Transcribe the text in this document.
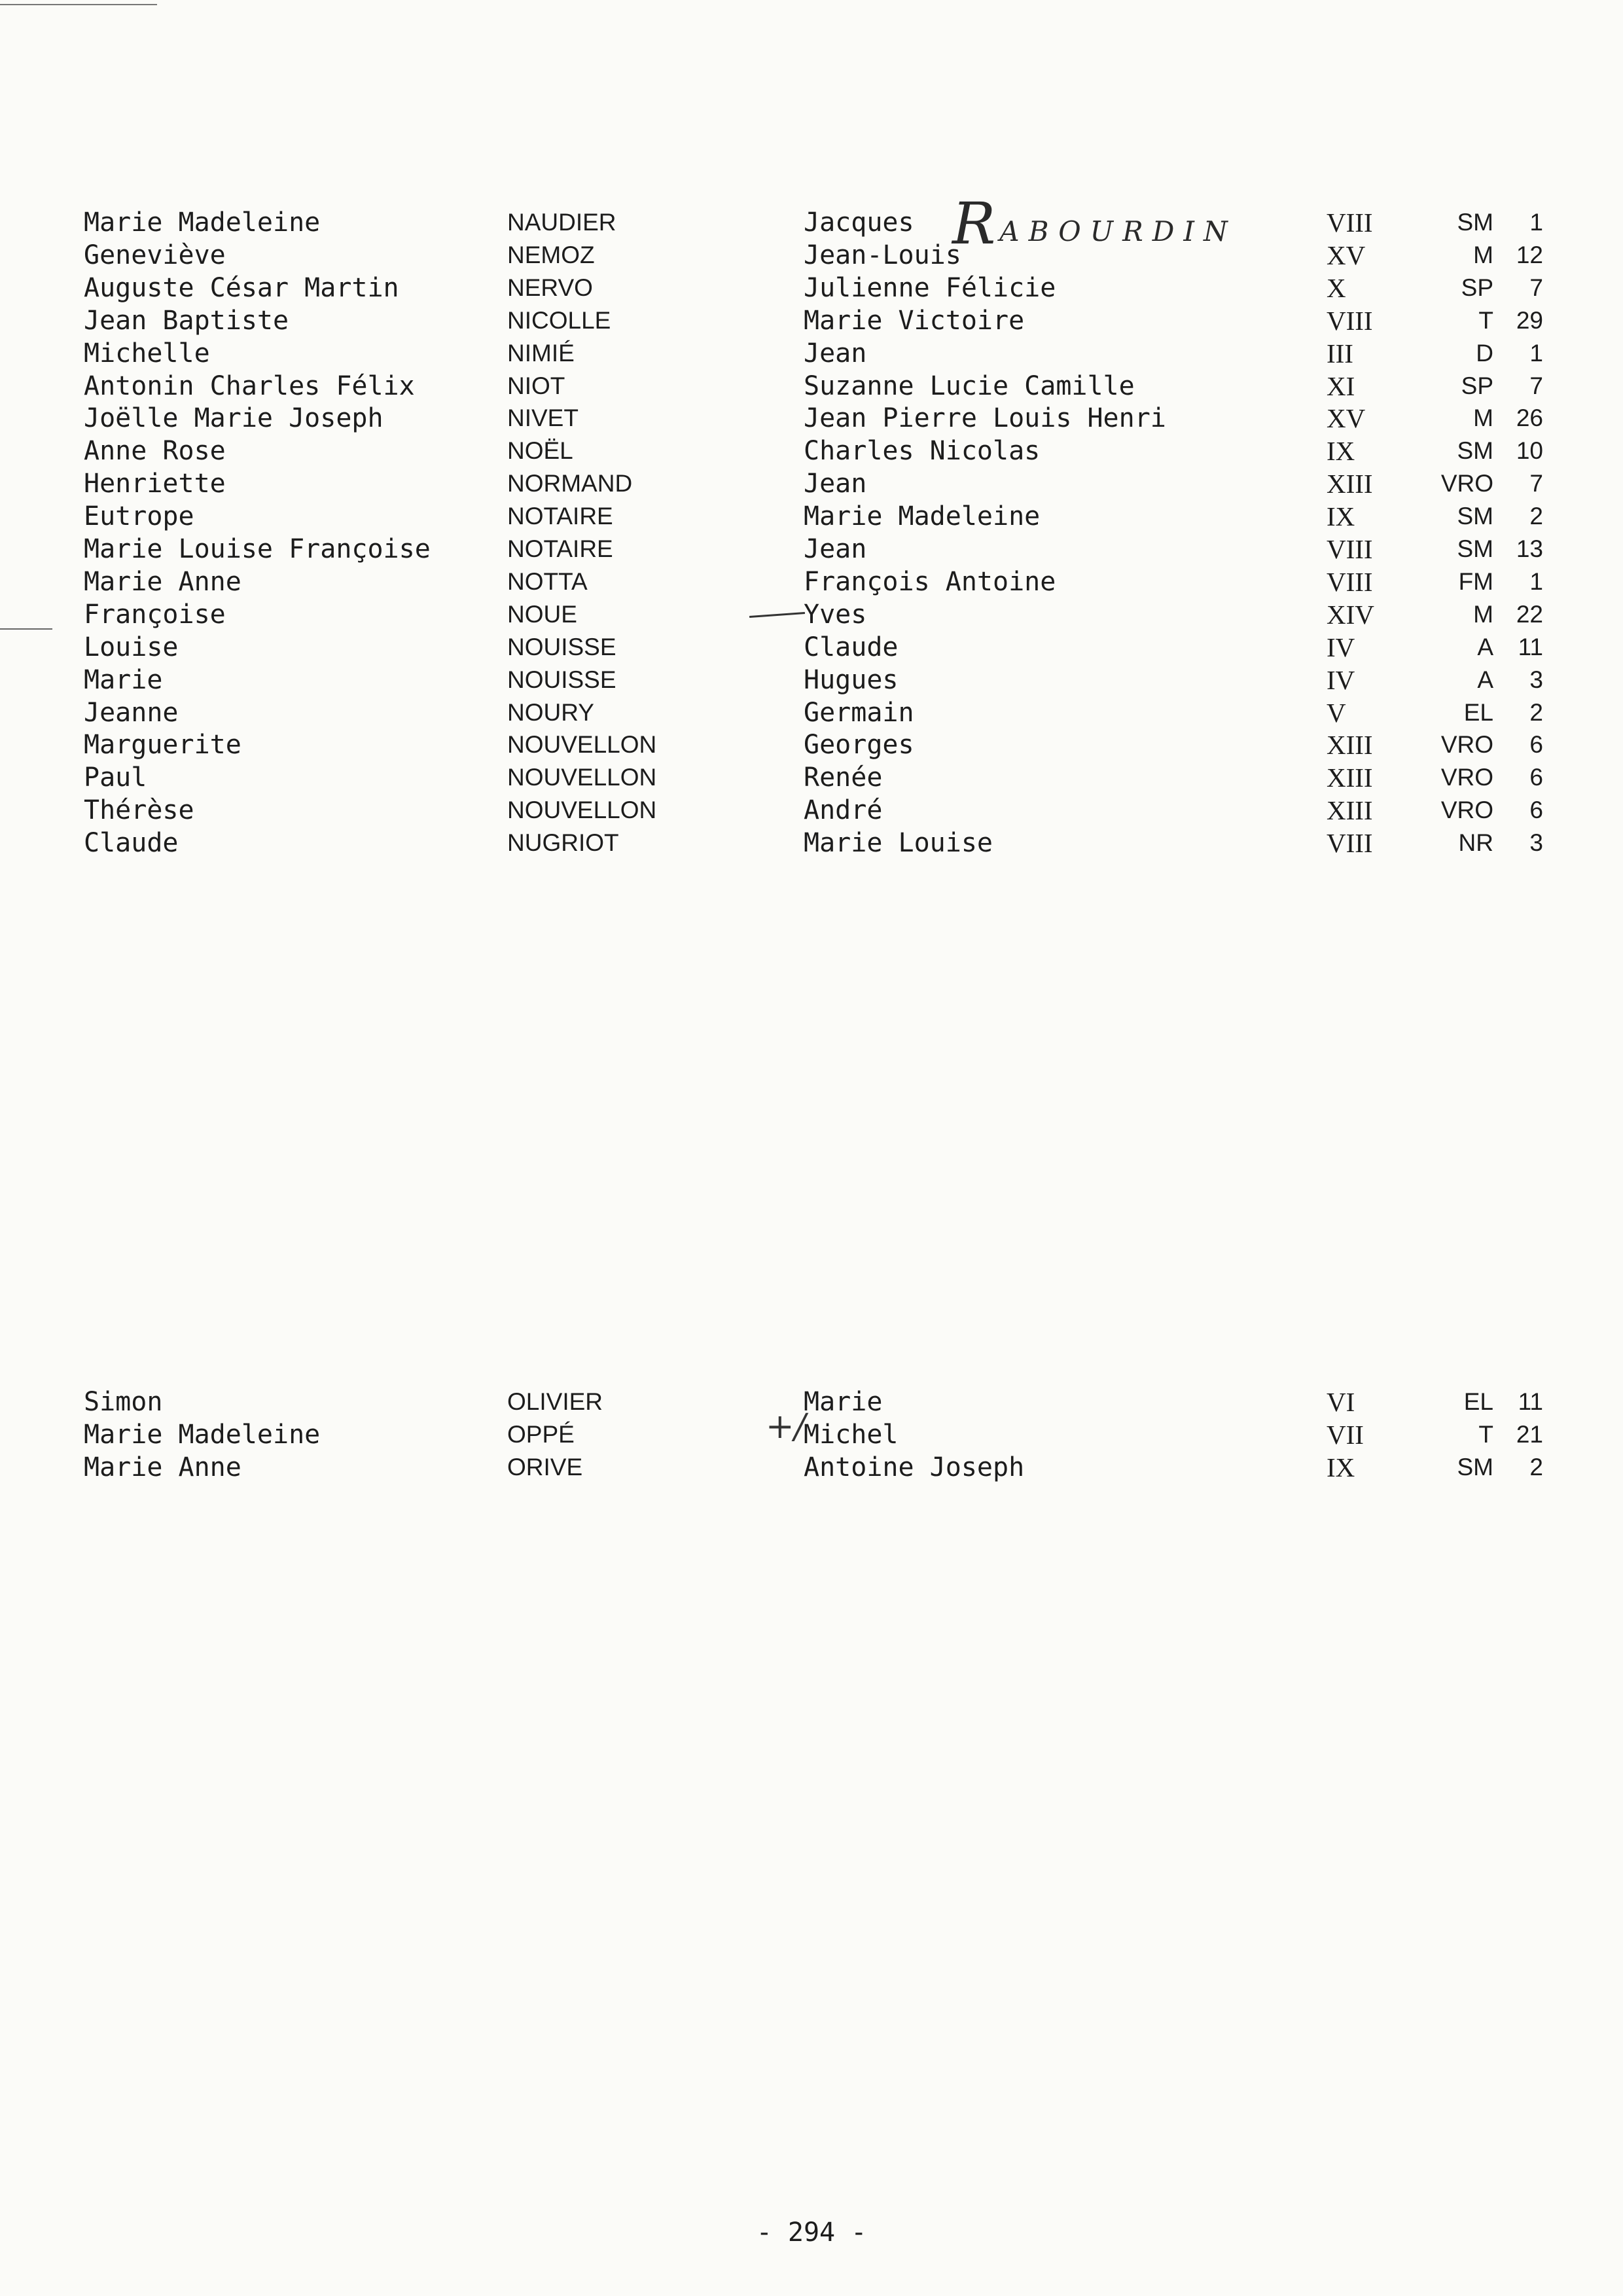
Marie Madeleine	NAUDIER	Jacques	VIII	SM	1
Geneviève	NEMOZ	Jean-Louis	XV	M 12
Auguste César Martin	NERVO	Julienne Félicie	X	SP	7
Jean Baptiste	NICOLLE	Marie Victoire	VIII	T 29
Michelle	NIMIÉ	Jean	III	D	1
Antonin Charles Félix	NIOT	Suzanne Lucie Camille	XI	SP	7
Joëlle Marie Joseph	NIVET	Jean Pierre Louis Henri	XV	M 26
Anne Rose	NOËL	Charles Nicolas	IX	SM 10
Henriette	NORMAND	Jean	XIII	VRO	7
Eutrope	NOTAIRE	Marie Madeleine	IX	SM	2
Marie Louise Françoise	NOTAIRE	Jean	VIII	SM 13
Marie Anne	NOTTA	François Antoine	VIII	FM	1
Françoise	NOUE	Yves	XIV	M 22
Louise	NOUISSE	Claude	IV	A	11
Marie	NOUISSE	Hugues	IV	A	3
Jeanne	NOURY	Germain	V	EL	2
Marguerite	NOUVELLON	Georges	XIII	VRO	6
Paul	NOUVELLON	Renée	XIII	VRO	6
Thérèse	NOUVELLON	André	XIII	VRO	6
Claude	NUGRIOT	Marie Louise	VIII	NR	3
Simon	OLIVIER	Marie	VI	EL	11
Marie Madeleine	OPPÉ	Michel	VII	T 21
Marie Anne	ORIVE	Antoine Joseph	IX	SM	2
RABOURDIN
+/
- 294 -
